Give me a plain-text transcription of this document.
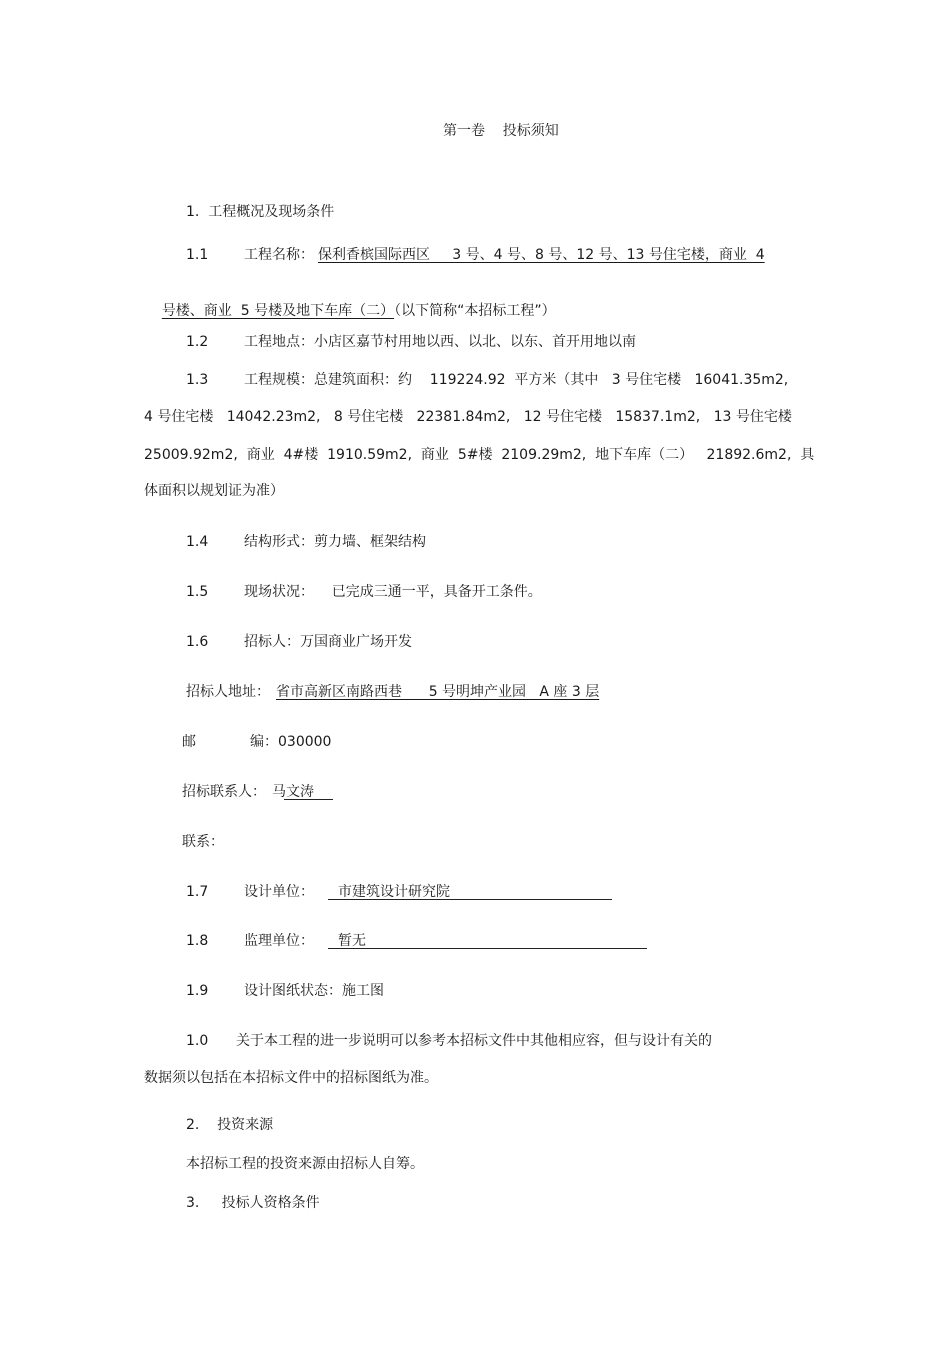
第一卷    投标须知
1.  工程概况及现场条件
1.1	工程名称： 保利香槟国际西区     3 号、4 号、8 号、12 号、13 号住宅楼，商业  4

号楼、商业  5 号楼及地下车库（二）（以下简称“本招标工程”）

1.2	工程地点：小店区嘉节村用地以西、以北、以东、首开用地以南
1.3	工程规模：总建筑面积：约    119224.92  平方米（其中   3 号住宅楼   16041.35m2,
4 号住宅楼   14042.23m2,   8 号住宅楼   22381.84m2,   12 号住宅楼   15837.1m2,   13 号住宅楼
25009.92m2,  商业  4#楼  1910.59m2,  商业  5#楼  2109.29m2,  地下车库（二）   21892.6m2,  具
体面积以规划证为准）
1.4	结构形式：剪力墙、框架结构
1.5	现场状况：    已完成三通一平，具备开工条件。
1.6	招标人：万国商业广场开发
招标人地址： 省市高新区南路西巷      5 号明坤产业园   A 座 3 层
邮	编：030000
招标联系人： 马文涛
联系：
1.7	设计单位： 市建筑设计研究院
1.8	监理单位： 暂无
1.9	设计图纸状态：施工图
1.0 关于本工程的进一步说明可以参考本招标文件中其他相应容，但与设计有关的
数据须以包括在本招标文件中的招标图纸为准。
2.    投资来源
本招标工程的投资来源由招标人自筹。
3.     投标人资格条件
